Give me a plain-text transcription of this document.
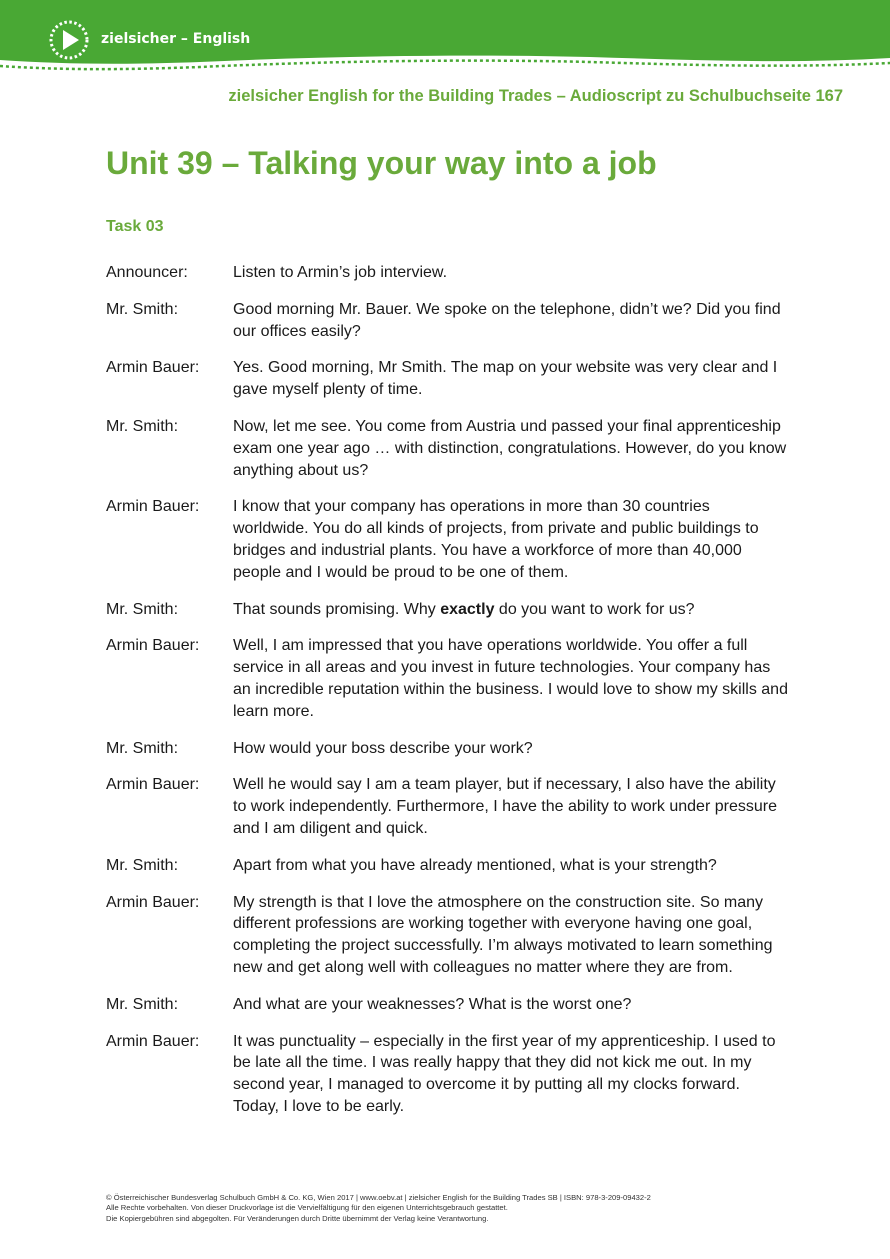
zielsicher – English
zielsicher English for the Building Trades – Audioscript zu Schulbuchseite 167
Unit 39 – Talking your way into a job
Task 03
Announcer:	Listen to Armin’s job interview.
Mr. Smith:	Good morning Mr. Bauer. We spoke on the telephone, didn’t we? Did you find our offices easily?
Armin Bauer:	Yes. Good morning, Mr Smith. The map on your website was very clear and I gave myself plenty of time.
Mr. Smith:	Now, let me see. You come from Austria und passed your final apprenticeship exam one year ago … with distinction, congratulations. However, do you know anything about us?
Armin Bauer:	I know that your company has operations in more than 30 countries worldwide. You do all kinds of projects, from private and public buildings to bridges and industrial plants. You have a workforce of more than 40,000 people and I would be proud to be one of them.
Mr. Smith:	That sounds promising. Why exactly do you want to work for us?
Armin Bauer:	Well, I am impressed that you have operations worldwide. You offer a full service in all areas and you invest in future technologies. Your company has an incredible reputation within the business. I would love to show my skills and learn more.
Mr. Smith:	How would your boss describe your work?
Armin Bauer:	Well he would say I am a team player, but if necessary, I also have the ability to work independently. Furthermore, I have the ability to work under pressure and I am diligent and quick.
Mr. Smith:	Apart from what you have already mentioned, what is your strength?
Armin Bauer:	My strength is that I love the atmosphere on the construction site. So many different professions are working together with everyone having one goal, completing the project successfully. I’m always motivated to learn something new and get along well with colleagues no matter where they are from.
Mr. Smith:	And what are your weaknesses? What is the worst one?
Armin Bauer:	It was punctuality – especially in the first year of my apprenticeship. I used to be late all the time. I was really happy that they did not kick me out. In my second year, I managed to overcome it by putting all my clocks forward. Today, I love to be early.
© Österreichischer Bundesverlag Schulbuch GmbH & Co. KG, Wien 2017 | www.oebv.at | zielsicher English for the Building Trades SB | ISBN: 978-3-209-09432-2
Alle Rechte vorbehalten. Von dieser Druckvorlage ist die Vervielfältigung für den eigenen Unterrichtsgebrauch gestattet.
Die Kopiergebühren sind abgegolten. Für Veränderungen durch Dritte übernimmt der Verlag keine Verantwortung.
